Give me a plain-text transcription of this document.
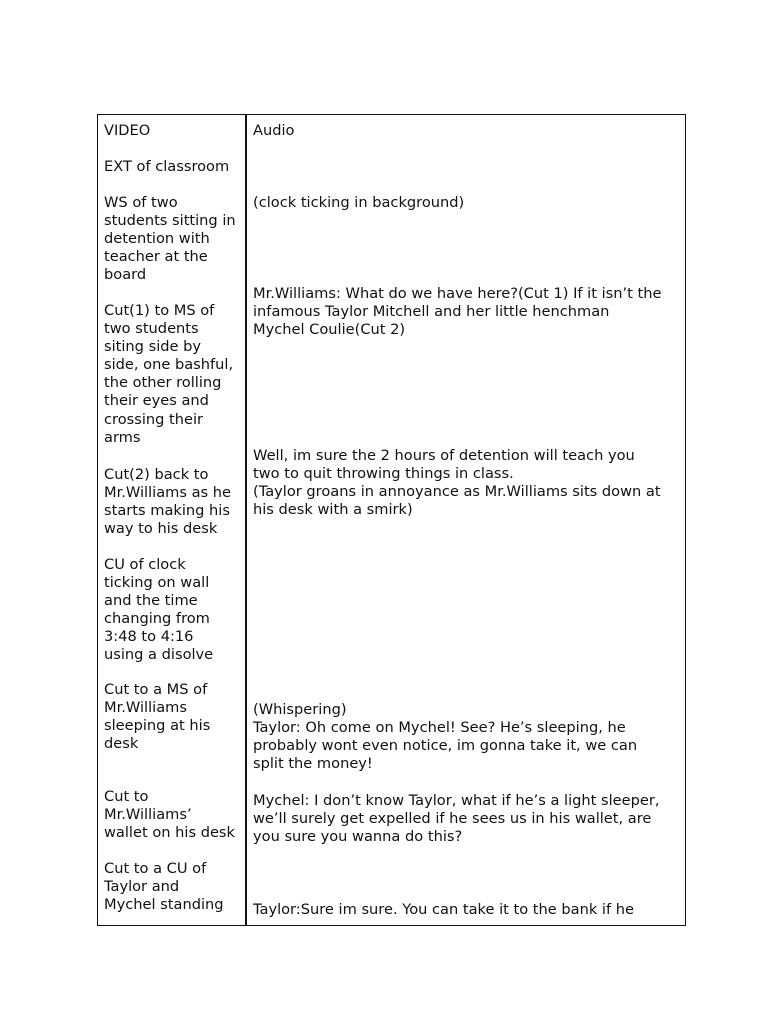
VIDEO
EXT of classroom
WS of two
students sitting in
detention with
teacher at the
board
Cut(1) to MS of
two students
siting side by
side, one bashful,
the other rolling
their eyes and
crossing their
arms
Cut(2) back to
Mr.Williams as he
starts making his
way to his desk
CU of clock
ticking on wall
and the time
changing from
3:48 to 4:16
using a disolve
Cut to a MS of
Mr.Williams
sleeping at his
desk
Cut to
Mr.Williams’
wallet on his desk
Cut to a CU of
Taylor and
Mychel standing
Audio
(clock ticking in background)
Mr.Williams: What do we have here?(Cut 1) If it isn’t the
infamous Taylor Mitchell and her little henchman
Mychel Coulie(Cut 2)
Well, im sure the 2 hours of detention will teach you
two to quit throwing things in class.
(Taylor groans in annoyance as Mr.Williams sits down at
his desk with a smirk)
(Whispering)
Taylor: Oh come on Mychel! See? He’s sleeping, he
probably wont even notice, im gonna take it, we can
split the money!
Mychel: I don’t know Taylor, what if he’s a light sleeper,
we’ll surely get expelled if he sees us in his wallet, are
you sure you wanna do this?
Taylor:Sure im sure. You can take it to the bank if he
